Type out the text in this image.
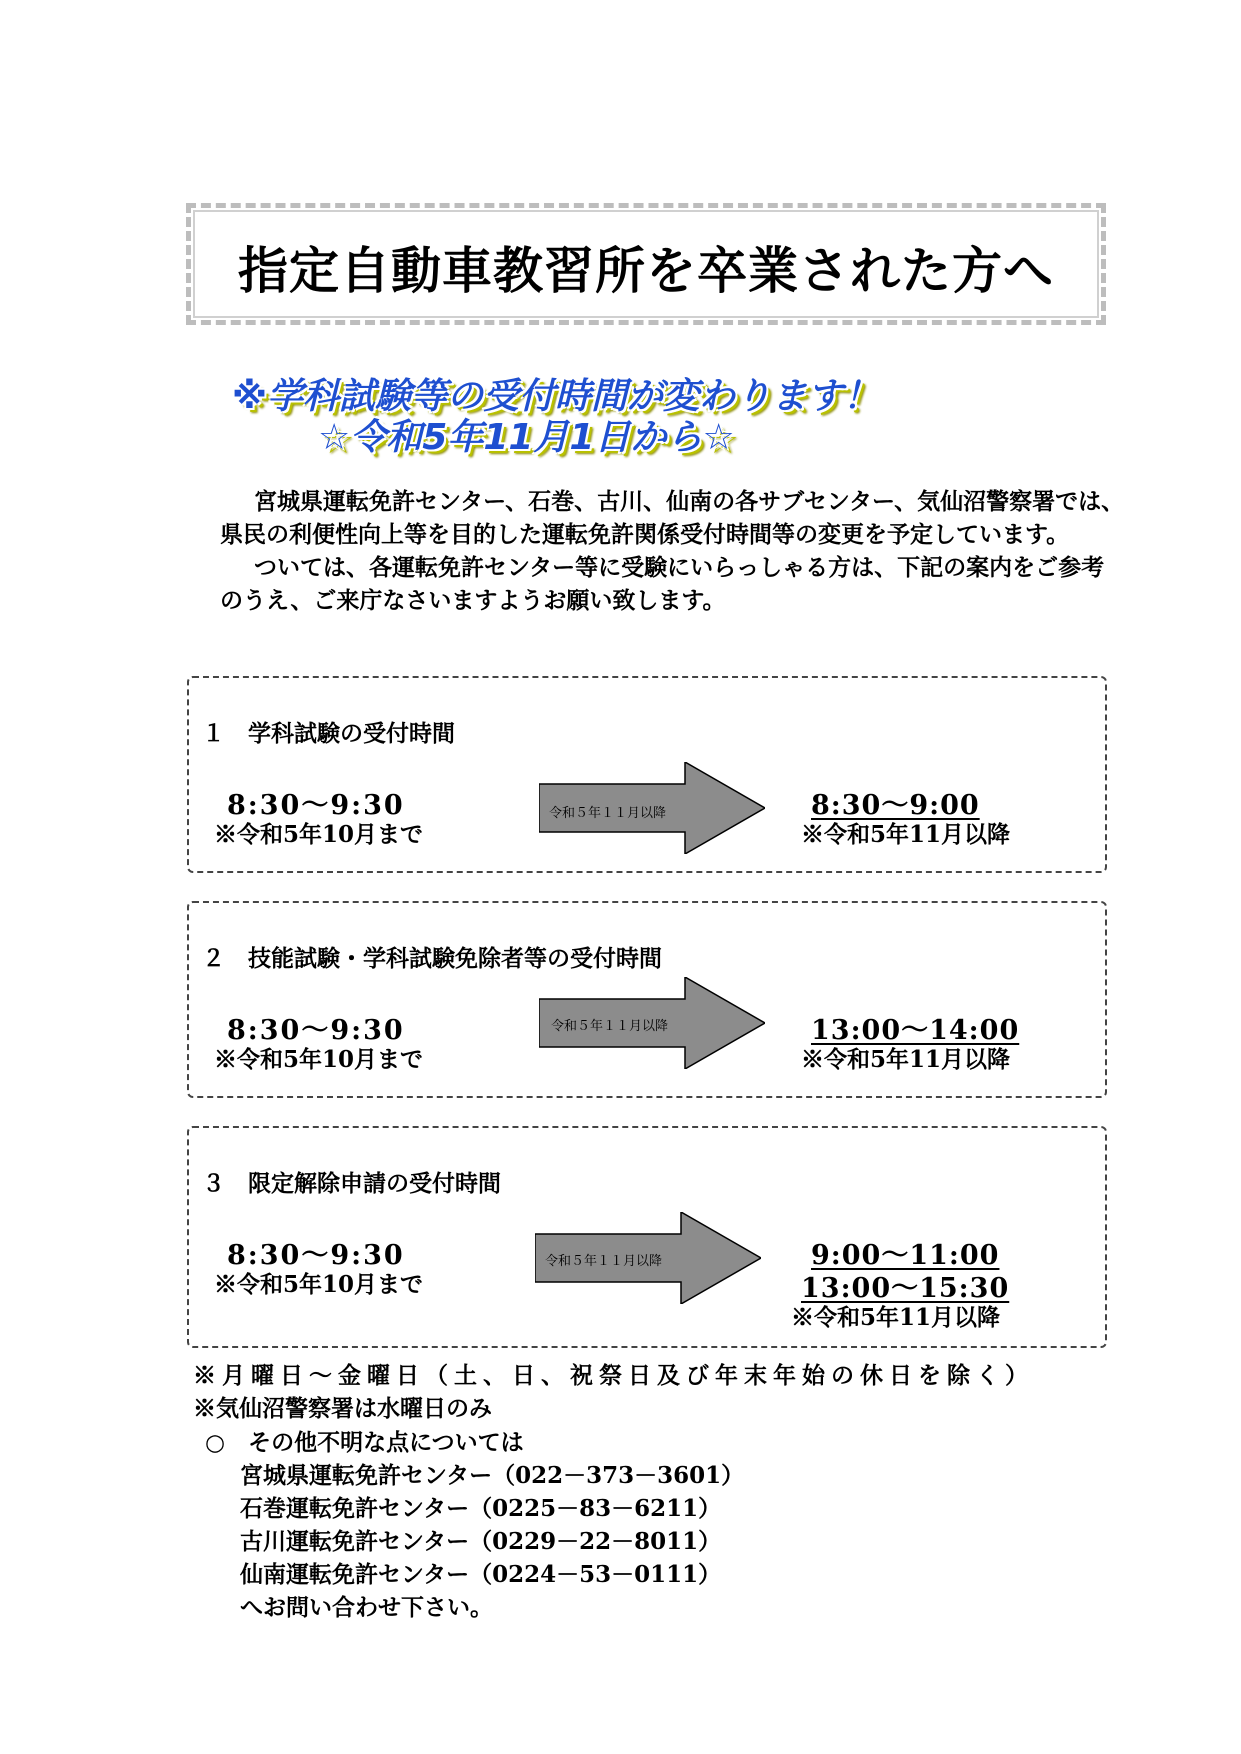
指定自動車教習所を卒業された方へ
※学科試験等の受付時間が変わります！
☆令和5年11月1日から☆

宮城県運転免許センター、石巻、古川、仙南の各サブセンター、気仙沼警察署では、県民の利便性向上等を目的した運転免許関係受付時間等の変更を予定しています。

ついては、各運転免許センター等に受験にいらっしゃる方は、下記の案内をご参考のうえ、ご来庁なさいますようお願い致します。

１　学科試験の受付時間
8:30～9:30
※令和5年10月まで
令和５年１１月以降	8:30～9:00
※令和5年11月以降
２　技能試験・学科試験免除者等の受付時間
8:30～9:30
※令和5年10月まで
令和５年１１月以降	13:00～14:00
※令和5年11月以降
３　限定解除申請の受付時間
8:30～9:30
※令和5年10月まで
令和５年１１月以降	9:00～11:00
13:00～15:30
※令和5年11月以降
※月曜日～金曜日（土、日、祝祭日及び年末年始の休日を除く）
※気仙沼警察署は水曜日のみ
○　その他不明な点については
宮城県運転免許センター（022－373－3601）
石巻運転免許センター（0225－83－6211）
古川運転免許センター（0229－22－8011）
仙南運転免許センター（0224－53－0111）
へお問い合わせ下さい。
